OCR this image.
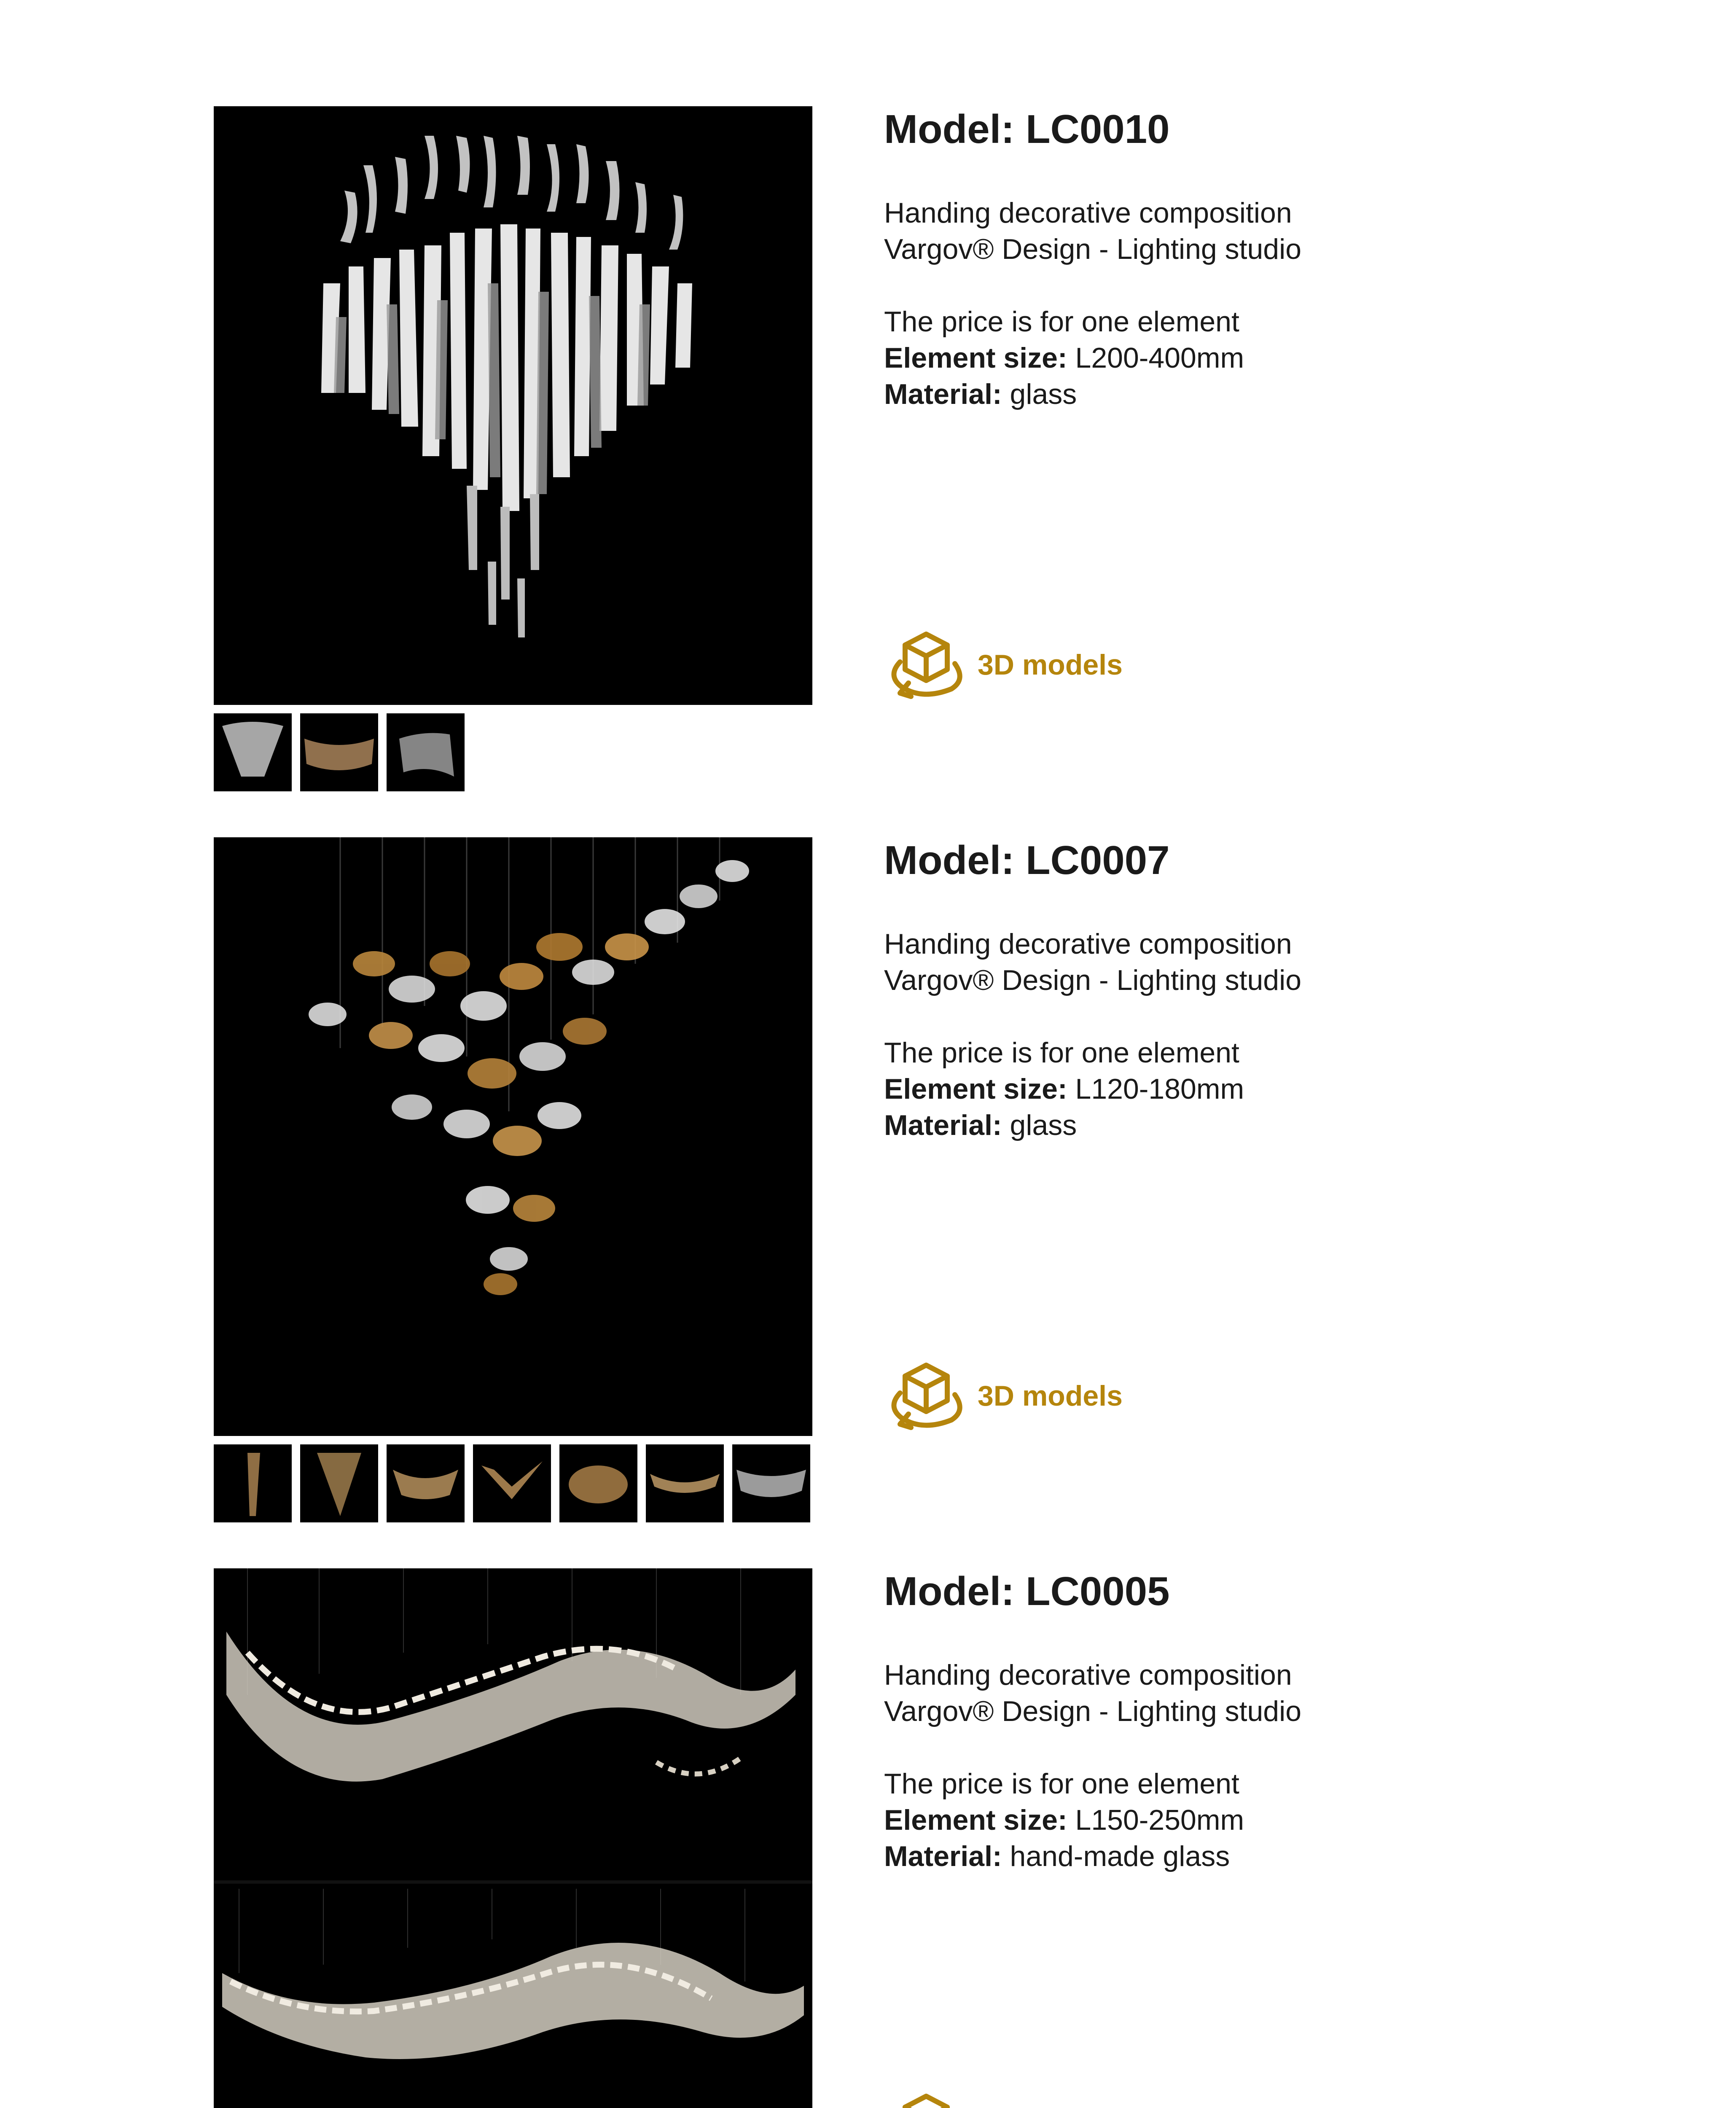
Model: LC0010
Handing decorative composition
Vargov® Design - Lighting studio
The price is for one element
Element size: L200-400mm
Material: glass
3D models
Model: LC0007
Handing decorative composition
Vargov® Design - Lighting studio
The price is for one element
Element size: L120-180mm
Material: glass
3D models
Model: LC0005
Handing decorative composition
Vargov® Design - Lighting studio
The price is for one element
Element size: L150-250mm
Material: hand-made glass
